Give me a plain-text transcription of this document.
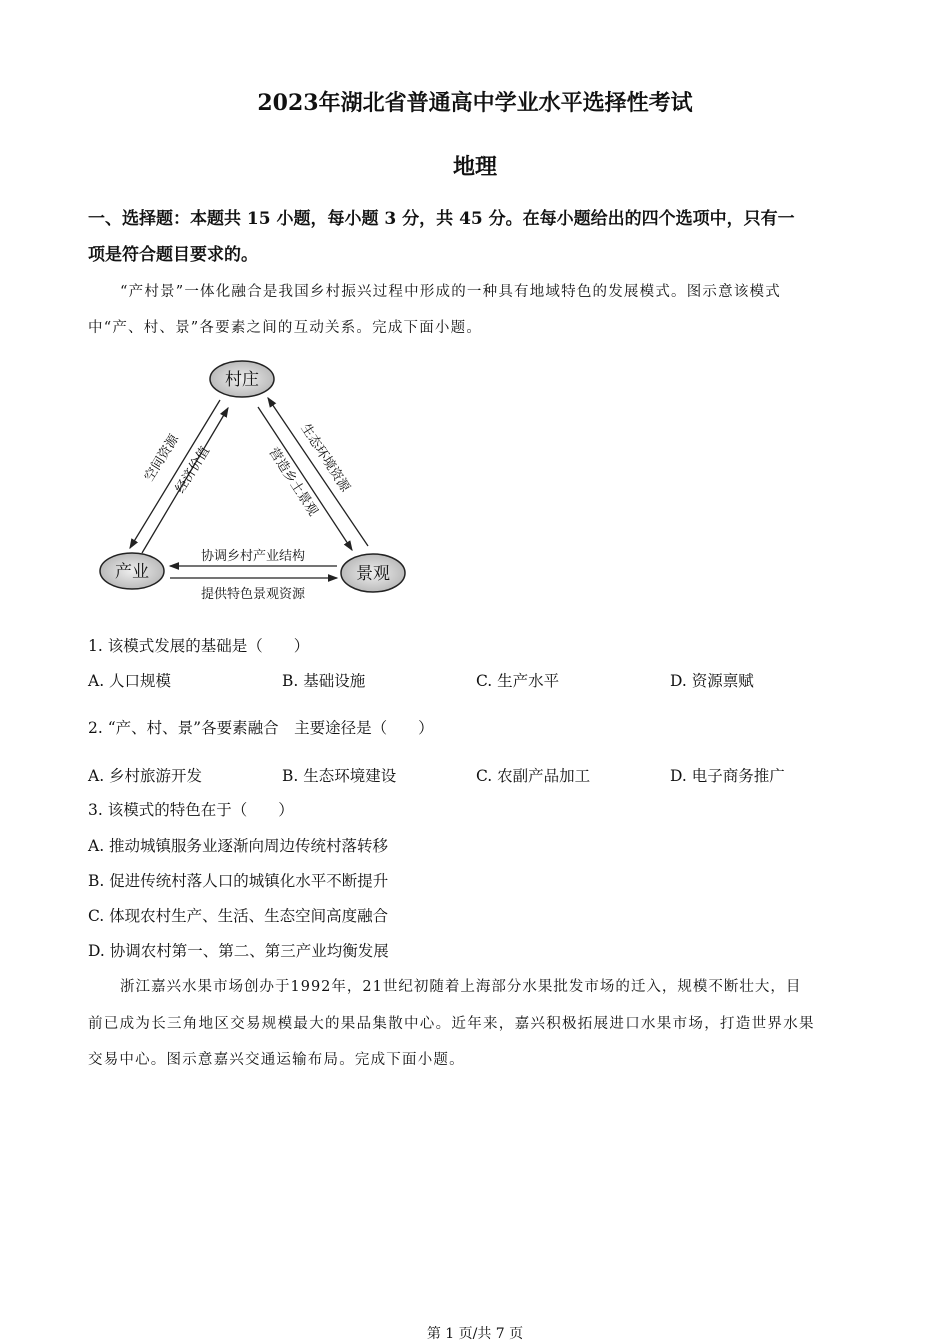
2023年湖北省普通高中学业水平选择性考试
地理
一、选择题：本题共 15 小题，每小题 3 分，共 45 分。在每小题给出的四个选项中，只有一
项是符合题目要求的。
“产村景”一体化融合是我国乡村振兴过程中形成的一种具有地域特色的发展模式。图示意该模式
中“产、村、景”各要素之间的互动关系。完成下面小题。
村庄
产业	景观
空间资源
经济价值	营造乡土景观
生态环境资源
协调乡村产业结构
提供特色景观资源
1. 该模式发展的基础是（　　）
A. 人口规模	B. 基础设施	C. 生产水平	D. 资源禀赋
2. “产、村、景”各要素融合　主要途径是（　　）
A. 乡村旅游开发	B. 生态环境建设	C. 农副产品加工	D. 电子商务推广
3. 该模式的特色在于（　　）
A. 推动城镇服务业逐渐向周边传统村落转移
B. 促进传统村落人口的城镇化水平不断提升
C. 体现农村生产、生活、生态空间高度融合
D. 协调农村第一、第二、第三产业均衡发展
浙江嘉兴水果市场创办于1992年，21世纪初随着上海部分水果批发市场的迁入，规模不断壮大，目
前已成为长三角地区交易规模最大的果品集散中心。近年来，嘉兴积极拓展进口水果市场，打造世界水果
交易中心。图示意嘉兴交通运输布局。完成下面小题。
第 1 页/共 7 页
